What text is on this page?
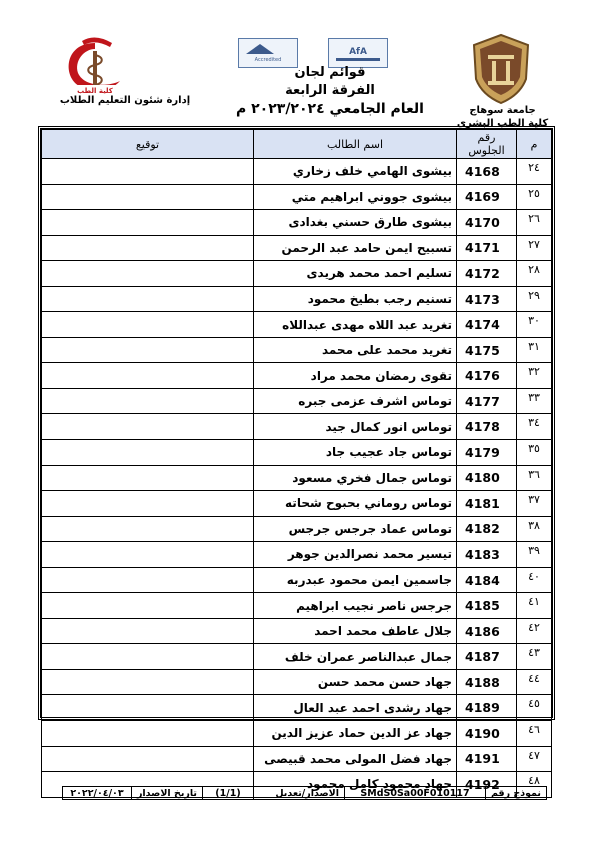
كلية الطب
Accredited
AfA
إدارة شئون التعليم الطلاب
قوائم لجان
الفرقة الرابعة
العام الجامعي ٢٠٢٣/٢٠٢٤ م	جامعة سوهاج
كلية الطب البشرى
م	رقم الجلوس	اسم الطالب	توقيع
٢٤	4168	بيشوى الهامي خلف زخاري	
٢٥	4169	بيشوى جووني ابراهيم متي	
٢٦	4170	بيشوى طارق حسني بغدادى	
٢٧	4171	تسبيح ايمن حامد عبد الرحمن	
٢٨	4172	تسليم احمد محمد هريدى	
٢٩	4173	تسنيم رجب بطيخ محمود	
٣٠	4174	تغريد عبد اللاه مهدى عبداللاه	
٣١	4175	تغريد محمد على محمد	
٣٢	4176	تقوى رمضان محمد مراد	
٣٣	4177	توماس اشرف عزمى جبره	
٣٤	4178	توماس انور كمال جيد	
٣٥	4179	توماس جاد عجيب جاد	
٣٦	4180	توماس جمال فخري مسعود	
٣٧	4181	توماس روماني بحبوح شحاته	
٣٨	4182	توماس عماد جرجس جرجس	
٣٩	4183	تيسير محمد نصرالدين جوهر	
٤٠	4184	جاسمين ايمن محمود عبدربه	
٤١	4185	جرجس ناصر نجيب ابراهيم	
٤٢	4186	جلال عاطف محمد احمد	
٤٣	4187	جمال عبدالناصر عمران خلف	
٤٤	4188	جهاد حسن محمد حسن	
٤٥	4189	جهاد رشدى احمد عبد العال	
٤٦	4190	جهاد عز الدين حماد عزيز الدين	
٤٧	4191	جهاد فضل المولى محمد قبيصى	
٤٨	4192	جهاد محمود كامل محمود	
نموذج رقم
SMdS0Sa00F010117
الاصدار/تعديل
(1/1)
تاريخ الاصدار
٢٠٢٢/٠٤/٠٣
